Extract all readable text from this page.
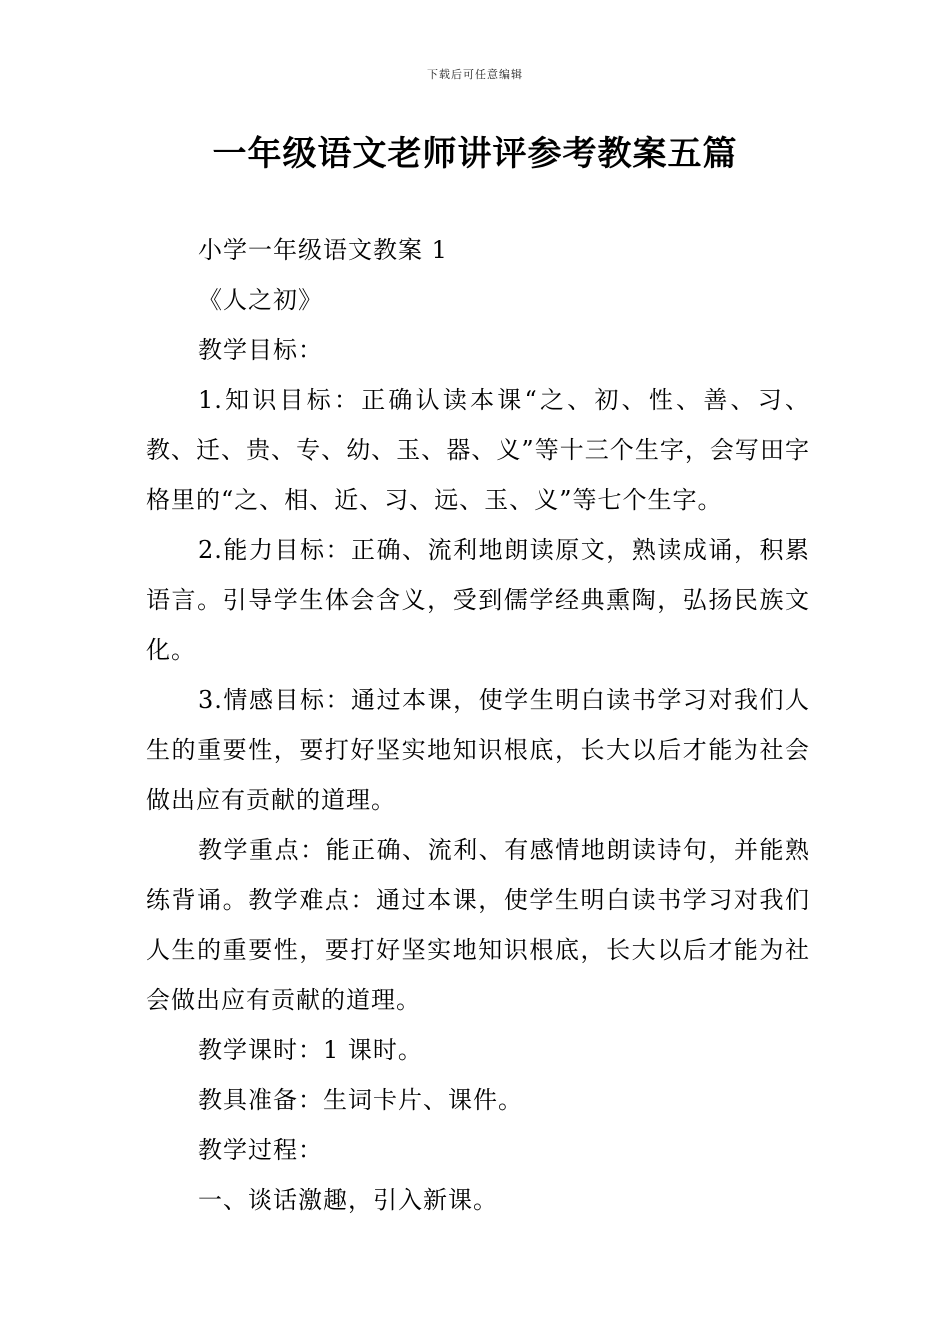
下载后可任意编辑
一年级语文老师讲评参考教案五篇

小学一年级语文教案 1

《人之初》

教学目标：

1.知识目标：正确认读本课“之、初、性、善、习、教、迁、贵、专、幼、玉、器、义”等十三个生字，会写田字格里的“之、相、近、习、远、玉、义”等七个生字。

2.能力目标：正确、流利地朗读原文，熟读成诵，积累语言。引导学生体会含义，受到儒学经典熏陶，弘扬民族文化。

3.情感目标：通过本课，使学生明白读书学习对我们人生的重要性，要打好坚实地知识根底，长大以后才能为社会做出应有贡献的道理。

教学重点：能正确、流利、有感情地朗读诗句，并能熟练背诵。教学难点：通过本课，使学生明白读书学习对我们人生的重要性，要打好坚实地知识根底，长大以后才能为社会做出应有贡献的道理。

教学课时：1 课时。

教具准备：生词卡片、课件。

教学过程：

一、谈话激趣，引入新课。
